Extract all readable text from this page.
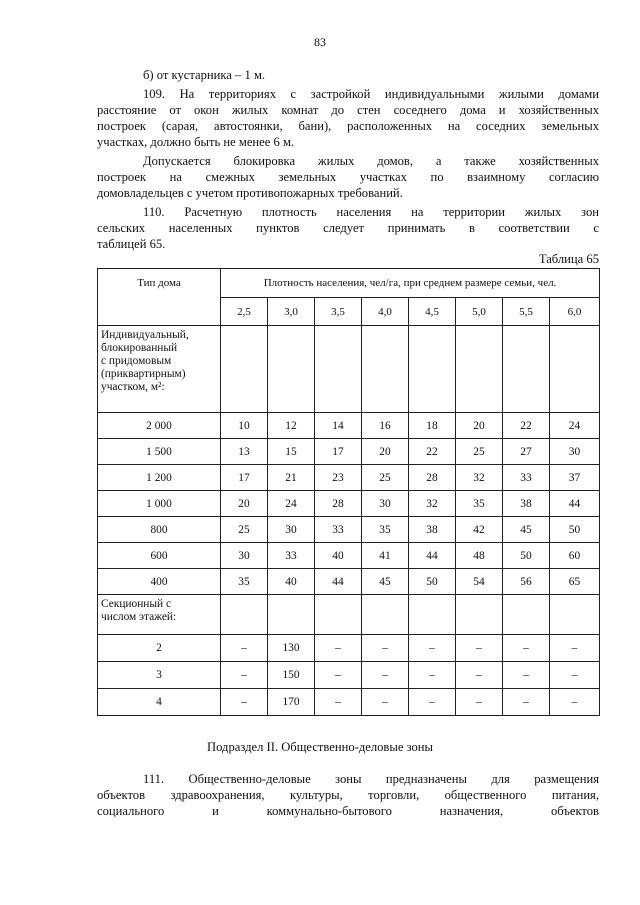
83
б) от кустарника – 1 м.
109. На территориях с застройкой индивидуальными жилыми домами
расстояние от окон жилых комнат до стен соседнего дома и хозяйственных
построек (сарая, автостоянки, бани), расположенных на соседних земельных
участках, должно быть не менее 6 м.
Допускается блокировка жилых домов, а также хозяйственных
построек на смежных земельных участках по взаимному согласию
домовладельцев с учетом противопожарных требований.
110. Расчетную плотность населения на территории жилых зон
сельских населенных пунктов следует принимать в соответствии с
таблицей 65.
Таблица 65
Тип дома	Плотность населения, чел/га, при среднем размере семьи, чел.							
	2,5	3,0	3,5	4,0	4,5	5,0	5,5	6,0

Индивидуальный,
блокированный
с придомовым
(приквартирным)
участком, м²:								

2 000	10	12	14	16	18	20	22	24
1 500	13	15	17	20	22	25	27	30
1 200	17	21	23	25	28	32	33	37
1 000	20	24	28	30	32	35	38	44
800	25	30	33	35	38	42	45	50
600	30	33	40	41	44	48	50	60
400	35	40	44	45	50	54	56	65

Секционный с
числом этажей:								

2	–	130	–	–	–	–	–	–
3	–	150	–	–	–	–	–	–
4	–	170	–	–	–	–	–	–
Подраздел II. Общественно-деловые зоны
111. Общественно-деловые зоны предназначены для размещения
объектов здравоохранения, культуры, торговли, общественного питания,
социального и коммунально-бытового назначения, объектов
